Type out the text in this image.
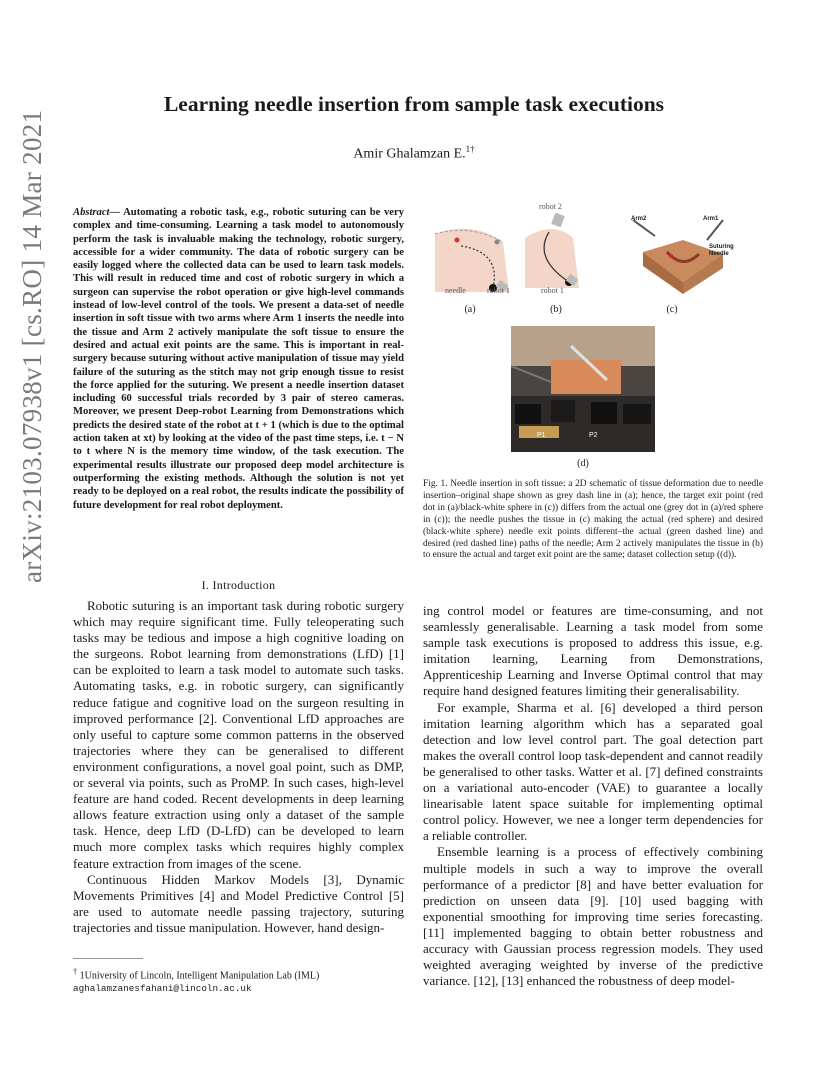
arXiv:2103.07938v1 [cs.RO] 14 Mar 2021
Learning needle insertion from sample task executions
Amir Ghalamzan E.$^{1\dagger}$
Abstract— Automating a robotic task, e.g., robotic suturing can be very complex and time-consuming. Learning a task model to autonomously perform the task is invaluable making the technology, robotic surgery, accessible for a wider community. The data of robotic surgery can be easily logged where the collected data can be used to learn task models. This will result in reduced time and cost of robotic surgery in which a surgeon can supervise the robot operation or give high-level commands instead of low-level control of the tools. We present a data-set of needle insertion in soft tissue with two arms where Arm 1 inserts the needle into the tissue and Arm 2 actively manipulate the soft tissue to ensure the desired and actual exit points are the same. This is important in real-surgery because suturing without active manipulation of tissue may yield failure of the suturing as the stitch may not grip enough tissue to resist the force applied for the suturing. We present a needle insertion dataset including 60 successful trials recorded by 3 pair of stereo cameras. Moreover, we present Deep-robot Learning from Demonstrations which predicts the desired state of the robot at t + 1 (which is due to the optimal action taken at xt) by looking at the video of the past time steps, i.e. t − N to t where N is the memory time window, of the task execution. The experimental results illustrate our proposed deep model architecture is outperforming the existing methods. Although the solution is not yet ready to be deployed on a real robot, the results indicate the possibility of future development for real robot deployment.
I. Introduction

Robotic suturing is an important task during robotic surgery which may require significant time. Fully teleoperating such tasks may be tedious and impose a high cognitive loading on the surgeons. Robot learning from demonstrations (LfD) [1] can be exploited to learn a task model to automate such tasks. Automating tasks, e.g. in robotic surgery, can significantly reduce fatigue and cognitive load on the surgeon resulting in improved performance [2]. Conventional LfD approaches are only useful to capture some common patterns in the observed trajectories where they can be generalised to different environment configurations, a novel goal point, such as DMP, or several via points, such as ProMP. In such cases, high-level feature are hand coded. Recent developments in deep learning allows feature extraction using only a dataset of the sample task. Hence, deep LfD (D-LfD) can be developed to learn much more complex tasks which requires highly complex feature extraction from images of the scene.

Continuous Hidden Markov Models [3], Dynamic Movements Primitives [4] and Model Predictive Control [5] are used to automate needle passing trajectory, suturing trajectories and tissue manipulation. However, hand design-

† 1University of Lincoln, Intelligent Manipulation Lab (IML)
aghalamzanesfahani@lincoln.ac.uk
needle	robot 1
(a)
robot 2
robot 1
(b)
Arm2	Arm1
Suturing
Needle
(c)
P1	P2
(d)
Fig. 1. Needle insertion in soft tissue: a 2D schematic of tissue deformation due to needle insertion–original shape shown as grey dash line in (a); hence, the target exit point (red dot in (a)/black-white sphere in (c)) differs from the actual one (grey dot in (a)/red sphere in (c)); the needle pushes the tissue in (c) making the actual (red sphere) and desired (black-white sphere) needle exit points different–the actual (green dashed line) and desired (red dashed line) paths of the needle; Arm 2 actively manipulates the tissue in (b) to ensure the actual and target exit point are the same; dataset collection setup ((d)).

ing control model or features are time-consuming, and not seamlessly generalisable. Learning a task model from some sample task executions is proposed to address this issue, e.g. imitation learning, Learning from Demonstrations, Apprenticeship Learning and Inverse Optimal control that may require hand designed features limiting their generalisability.

For example, Sharma et al. [6] developed a third person imitation learning algorithm which has a separated goal detection and low level control part. The goal detection part makes the overall control loop task-dependent and cannot readily be generalised to other tasks. Watter et al. [7] defined constraints on a variational auto-encoder (VAE) to guarantee a locally linearisable latent space suitable for implementing optimal control policy. However, we nee a longer term dependencies for a reliable controller.

Ensemble learning is a process of effectively combining multiple models in such a way to improve the overall performance of a predictor [8] and have better evaluation for prediction on unseen data [9]. [10] used bagging with exponential smoothing for improving time series forecasting. [11] implemented bagging to obtain better robustness and accuracy with Gaussian process regression models. They used weighted averaging weighted by inverse of the predictive variance. [12], [13] enhanced the robustness of deep model-
